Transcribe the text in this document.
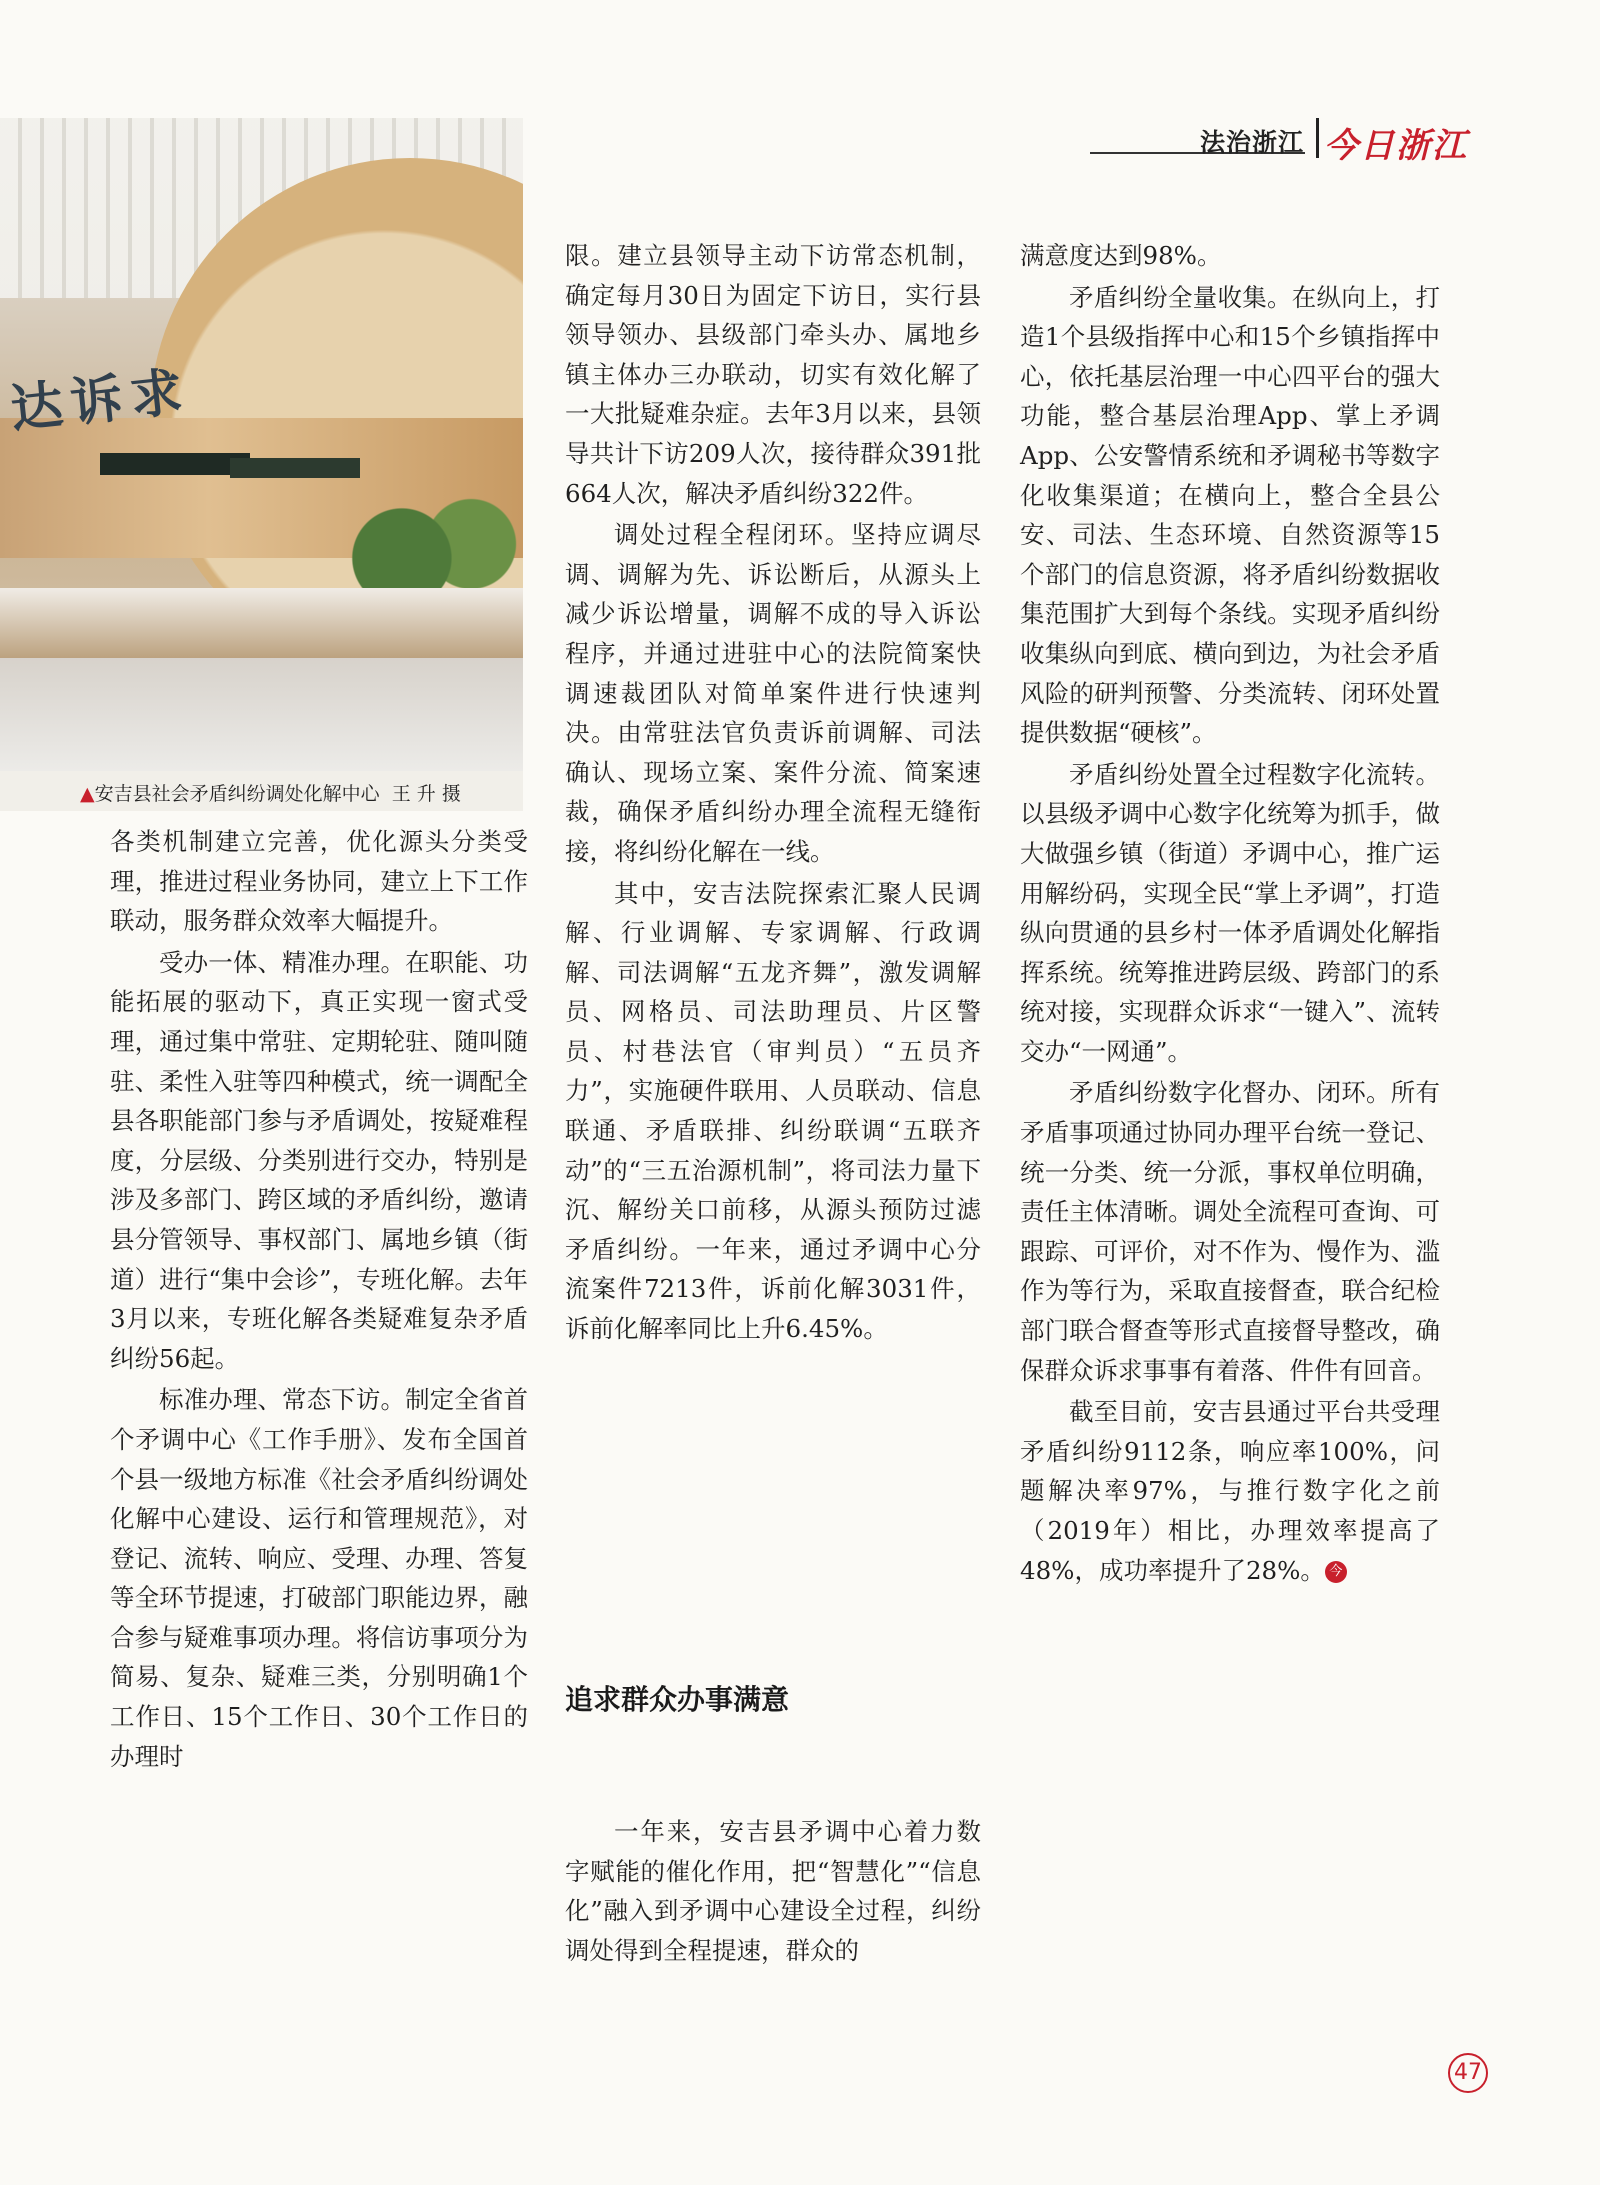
法治浙江 今日浙江
达诉求
▲安吉县社会矛盾纠纷调处化解中心 王 升 摄

各类机制建立完善，优化源头分类受理，推进过程业务协同，建立上下工作联动，服务群众效率大幅提升。

受办一体、精准办理。在职能、功能拓展的驱动下，真正实现一窗式受理，通过集中常驻、定期轮驻、随叫随驻、柔性入驻等四种模式，统一调配全县各职能部门参与矛盾调处，按疑难程度，分层级、分类别进行交办，特别是涉及多部门、跨区域的矛盾纠纷，邀请县分管领导、事权部门、属地乡镇（街道）进行“集中会诊”，专班化解。去年3月以来，专班化解各类疑难复杂矛盾纠纷56起。

标准办理、常态下访。制定全省首个矛调中心《工作手册》、发布全国首个县一级地方标准《社会矛盾纠纷调处化解中心建设、运行和管理规范》，对登记、流转、响应、受理、办理、答复等全环节提速，打破部门职能边界，融合参与疑难事项办理。将信访事项分为简易、复杂、疑难三类，分别明确1个工作日、15个工作日、30个工作日的办理时

限。建立县领导主动下访常态机制，确定每月30日为固定下访日，实行县领导领办、县级部门牵头办、属地乡镇主体办三办联动，切实有效化解了一大批疑难杂症。去年3月以来，县领导共计下访209人次，接待群众391批664人次，解决矛盾纠纷322件。

调处过程全程闭环。坚持应调尽调、调解为先、诉讼断后，从源头上减少诉讼增量，调解不成的导入诉讼程序，并通过进驻中心的法院简案快调速裁团队对简单案件进行快速判决。由常驻法官负责诉前调解、司法确认、现场立案、案件分流、简案速裁，确保矛盾纠纷办理全流程无缝衔接，将纠纷化解在一线。

其中，安吉法院探索汇聚人民调解、行业调解、专家调解、行政调解、司法调解“五龙齐舞”，激发调解员、网格员、司法助理员、片区警员、村巷法官（审判员）“五员齐力”，实施硬件联用、人员联动、信息联通、矛盾联排、纠纷联调“五联齐动”的“三五治源机制”，将司法力量下沉、解纷关口前移，从源头预防过滤矛盾纠纷。一年来，通过矛调中心分流案件7213件，诉前化解3031件，诉前化解率同比上升6.45%。

追求群众办事满意

一年来，安吉县矛调中心着力数字赋能的催化作用，把“智慧化”“信息化”融入到矛调中心建设全过程，纠纷调处得到全程提速，群众的

满意度达到98%。

矛盾纠纷全量收集。在纵向上，打造1个县级指挥中心和15个乡镇指挥中心，依托基层治理一中心四平台的强大功能，整合基层治理App、掌上矛调App、公安警情系统和矛调秘书等数字化收集渠道；在横向上，整合全县公安、司法、生态环境、自然资源等15个部门的信息资源，将矛盾纠纷数据收集范围扩大到每个条线。实现矛盾纠纷收集纵向到底、横向到边，为社会矛盾风险的研判预警、分类流转、闭环处置提供数据“硬核”。

矛盾纠纷处置全过程数字化流转。以县级矛调中心数字化统筹为抓手，做大做强乡镇（街道）矛调中心，推广运用解纷码，实现全民“掌上矛调”，打造纵向贯通的县乡村一体矛盾调处化解指挥系统。统筹推进跨层级、跨部门的系统对接，实现群众诉求“一键入”、流转交办“一网通”。

矛盾纠纷数字化督办、闭环。所有矛盾事项通过协同办理平台统一登记、统一分类、统一分派，事权单位明确，责任主体清晰。调处全流程可查询、可跟踪、可评价，对不作为、慢作为、滥作为等行为，采取直接督查，联合纪检部门联合督查等形式直接督导整改，确保群众诉求事事有着落、件件有回音。

截至目前，安吉县通过平台共受理矛盾纠纷9112条，响应率100%，问题解决率97%，与推行数字化之前（2019年）相比，办理效率提高了48%，成功率提升了28%。 今

47
